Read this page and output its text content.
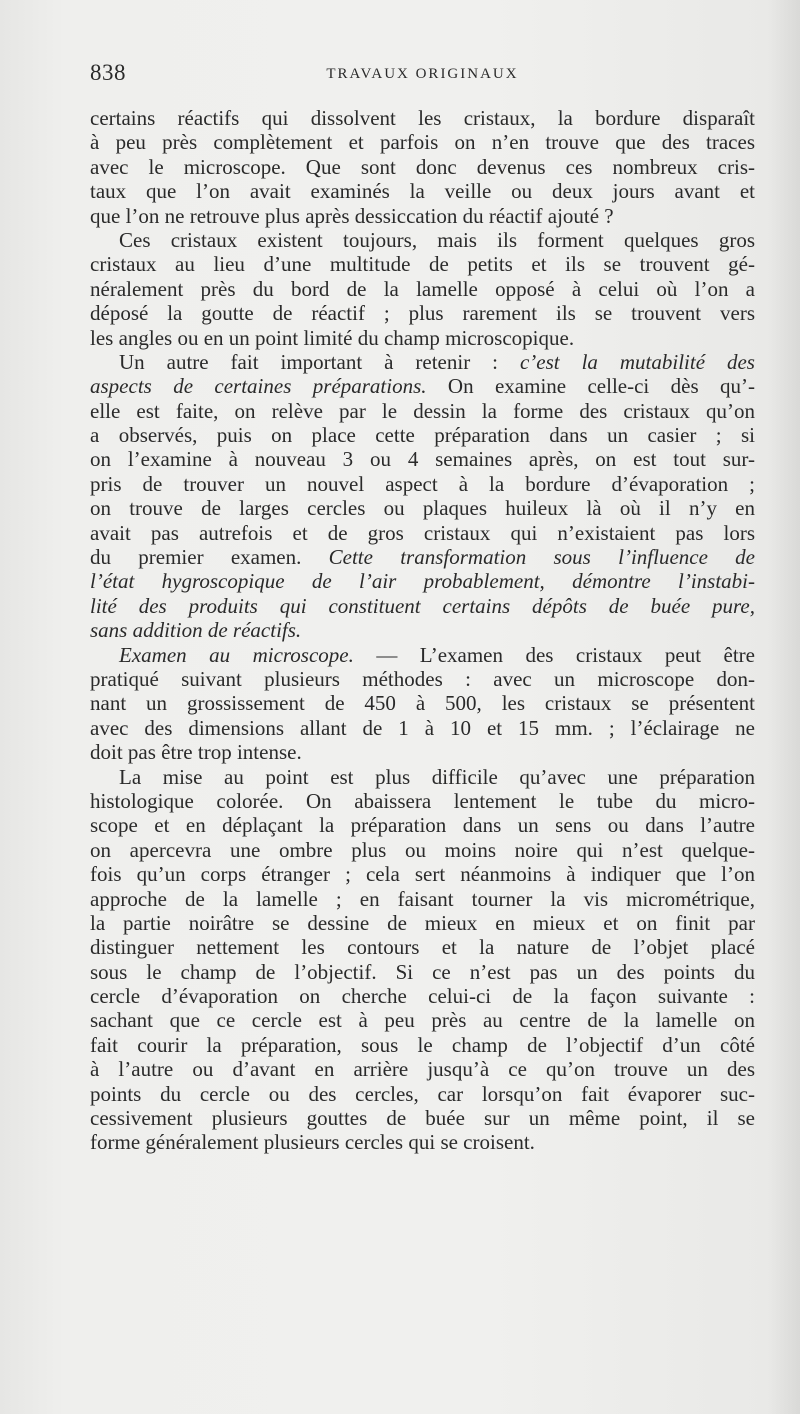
838	TRAVAUX ORIGINAUX
certains réactifs qui dissolvent les cristaux, la bordure disparaît
à peu près complètement et parfois on n’en trouve que des traces
avec le microscope. Que sont donc devenus ces nombreux cris-
taux que l’on avait examinés la veille ou deux jours avant et
que l’on ne retrouve plus après dessiccation du réactif ajouté ?
Ces cristaux existent toujours, mais ils forment quelques gros
cristaux au lieu d’une multitude de petits et ils se trouvent gé-
néralement près du bord de la lamelle opposé à celui où l’on a
déposé la goutte de réactif ; plus rarement ils se trouvent vers
les angles ou en un point limité du champ microscopique.
Un autre fait important à retenir : c’est la mutabilité des
aspects de certaines préparations. On examine celle-ci dès qu’-
elle est faite, on relève par le dessin la forme des cristaux qu’on
a observés, puis on place cette préparation dans un casier ; si
on l’examine à nouveau 3 ou 4 semaines après, on est tout sur-
pris de trouver un nouvel aspect à la bordure d’évaporation ;
on trouve de larges cercles ou plaques huileux là où il n’y en
avait pas autrefois et de gros cristaux qui n’existaient pas lors
du premier examen. Cette transformation sous l’influence de
l’état hygroscopique de l’air probablement, démontre l’instabi-
lité des produits qui constituent certains dépôts de buée pure,
sans addition de réactifs.
Examen au microscope. — L’examen des cristaux peut être
pratiqué suivant plusieurs méthodes : avec un microscope don-
nant un grossissement de 450 à 500, les cristaux se présentent
avec des dimensions allant de 1 à 10 et 15 mm. ; l’éclairage ne
doit pas être trop intense.
La mise au point est plus difficile qu’avec une préparation
histologique colorée. On abaissera lentement le tube du micro-
scope et en déplaçant la préparation dans un sens ou dans l’autre
on apercevra une ombre plus ou moins noire qui n’est quelque-
fois qu’un corps étranger ; cela sert néanmoins à indiquer que l’on
approche de la lamelle ; en faisant tourner la vis micrométrique,
la partie noirâtre se dessine de mieux en mieux et on finit par
distinguer nettement les contours et la nature de l’objet placé
sous le champ de l’objectif. Si ce n’est pas un des points du
cercle d’évaporation on cherche celui-ci de la façon suivante :
sachant que ce cercle est à peu près au centre de la lamelle on
fait courir la préparation, sous le champ de l’objectif d’un côté
à l’autre ou d’avant en arrière jusqu’à ce qu’on trouve un des
points du cercle ou des cercles, car lorsqu’on fait évaporer suc-
cessivement plusieurs gouttes de buée sur un même point, il se
forme généralement plusieurs cercles qui se croisent.
